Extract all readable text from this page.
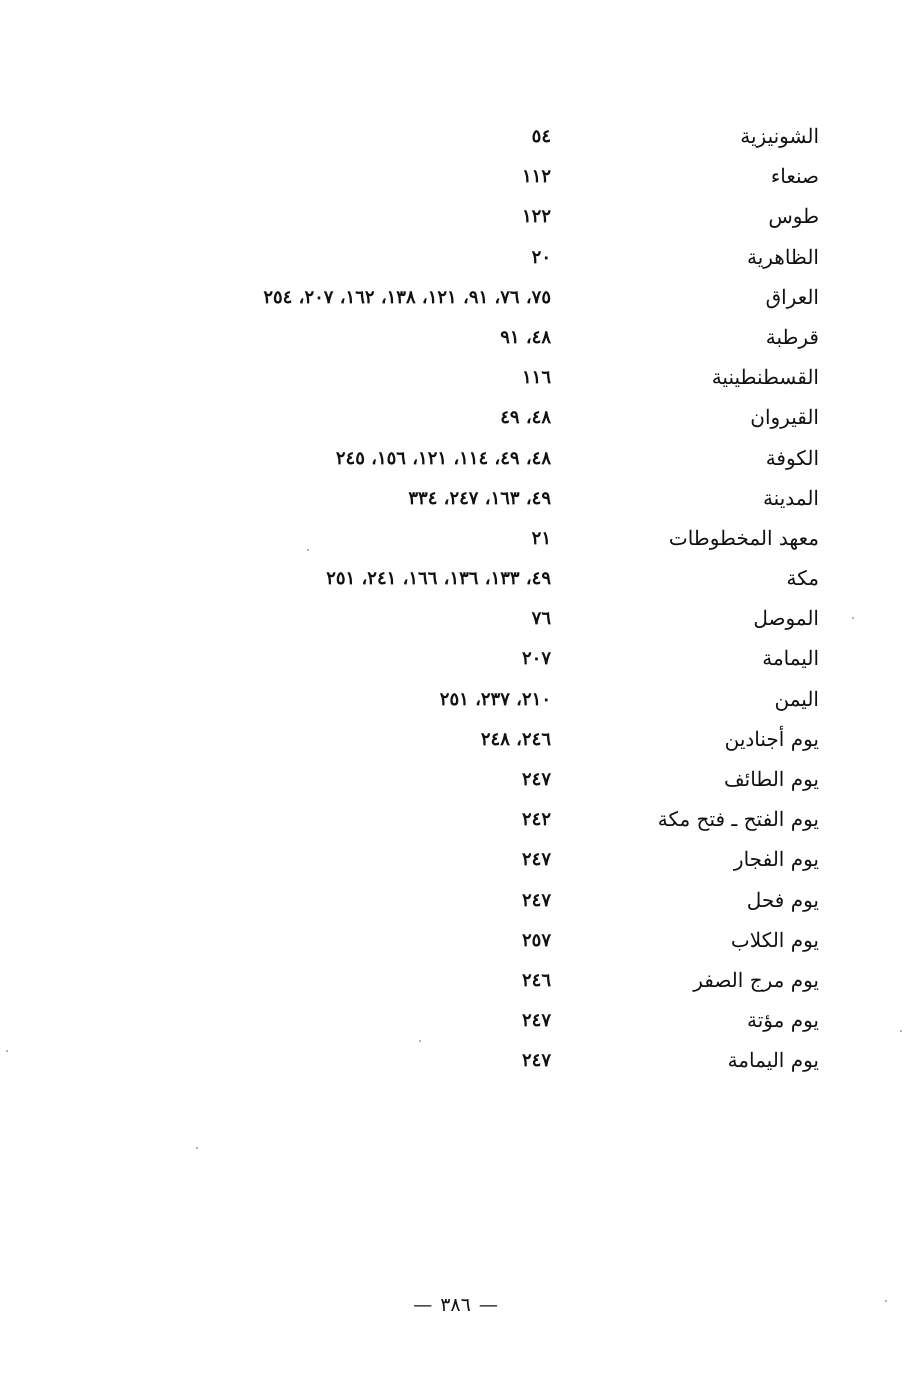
الشونيزية
٥٤
صنعاء
١١٢
طوس
١٢٢
الظاهرية
٢٠
العراق
٧٥، ٧٦، ٩١، ١٢١، ١٣٨، ١٦٢، ٢٠٧، ٢٥٤
قرطبة
٤٨، ٩١
القسطنطينية
١١٦
القيروان
٤٨، ٤٩
الكوفة
٤٨، ٤٩، ١١٤، ١٢١، ١٥٦، ٢٤٥
المدينة
٤٩، ١٦٣، ٢٤٧، ٣٣٤
معهد المخطوطات
٢١
مكة
٤٩، ١٣٣، ١٣٦، ١٦٦، ٢٤١، ٢٥١
الموصل
٧٦
اليمامة
٢٠٧
اليمن
٢١٠، ٢٣٧، ٢٥١
يوم أجنادين
٢٤٦، ٢٤٨
يوم الطائف
٢٤٧
يوم الفتح ـ فتح مكة
٢٤٢
يوم الفجار
٢٤٧
يوم فحل
٢٤٧
يوم الكلاب
٢٥٧
يوم مرج الصفر
٢٤٦
يوم مؤتة
٢٤٧
يوم اليمامة
٢٤٧
—٣٨٦—
